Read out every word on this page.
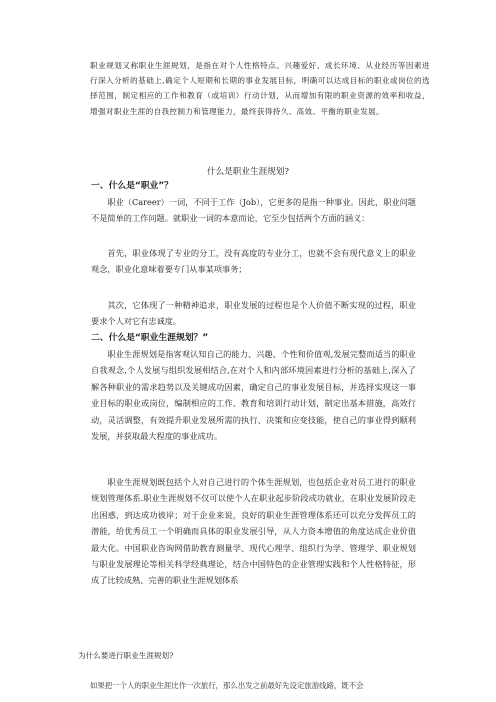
职业规划又称职业生涯规划，是指在对个人性格特点、兴趣爱好、成长环境、从业经历等因素进行深入分析的基础上,确定个人短期和长期的事业发展目标，明确可以达成目标的职业或岗位的选择范围，制定相应的工作和教育（或培训）行动计划，从而增加有限的职业资源的效率和收益，增强对职业生涯的自我控制力和管理能力，最终获得持久、高效、平衡的职业发展。
什么是职业生涯规划?
一、什么是“职业”？
职业（Career）一词，不同于工作（Job），它更多的是指一种事业。因此，职业问题不是简单的工作问题。就职业一词的本意而论，它至少包括两个方面的涵义：
首先，职业体现了专业的分工，没有高度的专业分工，也就不会有现代意义上的职业观念，职业化意味着要专门从事某项事务；
其次，它体现了一种精神追求，职业发展的过程也是个人价值不断实现的过程，职业要求个人对它有忠诚度。
二、什么是“职业生涯规划？”
职业生涯规划是指客观认知自己的能力、兴趣、个性和价值观,发展完整而适当的职业自我观念,个人发展与组织发展相结合,在对个人和内部环境因素进行分析的基础上,深入了解各种职业的需求趋势以及关键成功因素，确定自己的事业发展目标，并选择实现这一事业目标的职业或岗位，编制相应的工作、教育和培训行动计划，制定出基本措施，高效行动，灵活调整，有效提升职业发展所需的执行、决策和应变技能，使自己的事业得到顺利发展，并获取最大程度的事业成功。
职业生涯规划既包括个人对自己进行的个体生涯规划，也包括企业对员工进行的职业规划管理体系.职业生涯规划不仅可以使个人在职业起步阶段成功就业，在职业发展阶段走出困惑，到达成功彼岸；对于企业来说，良好的职业生涯管理体系还可以充分发挥员工的潜能，给优秀员工一个明确而具体的职业发展引导，从人力资本增值的角度达成企业价值最大化。中国职业咨询网借助教育测量学、现代心理学、组织行为学、管理学、职业规划与职业发展理论等相关科学经典理论，结合中国特色的企业管理实践和个人性格特征，形成了比较成熟、完善的职业生涯规划体系
为什么要进行职业生涯规划?
如果把一个人的职业生涯比作一次旅行，那么出发之前最好先设定旅游线路，既不会
